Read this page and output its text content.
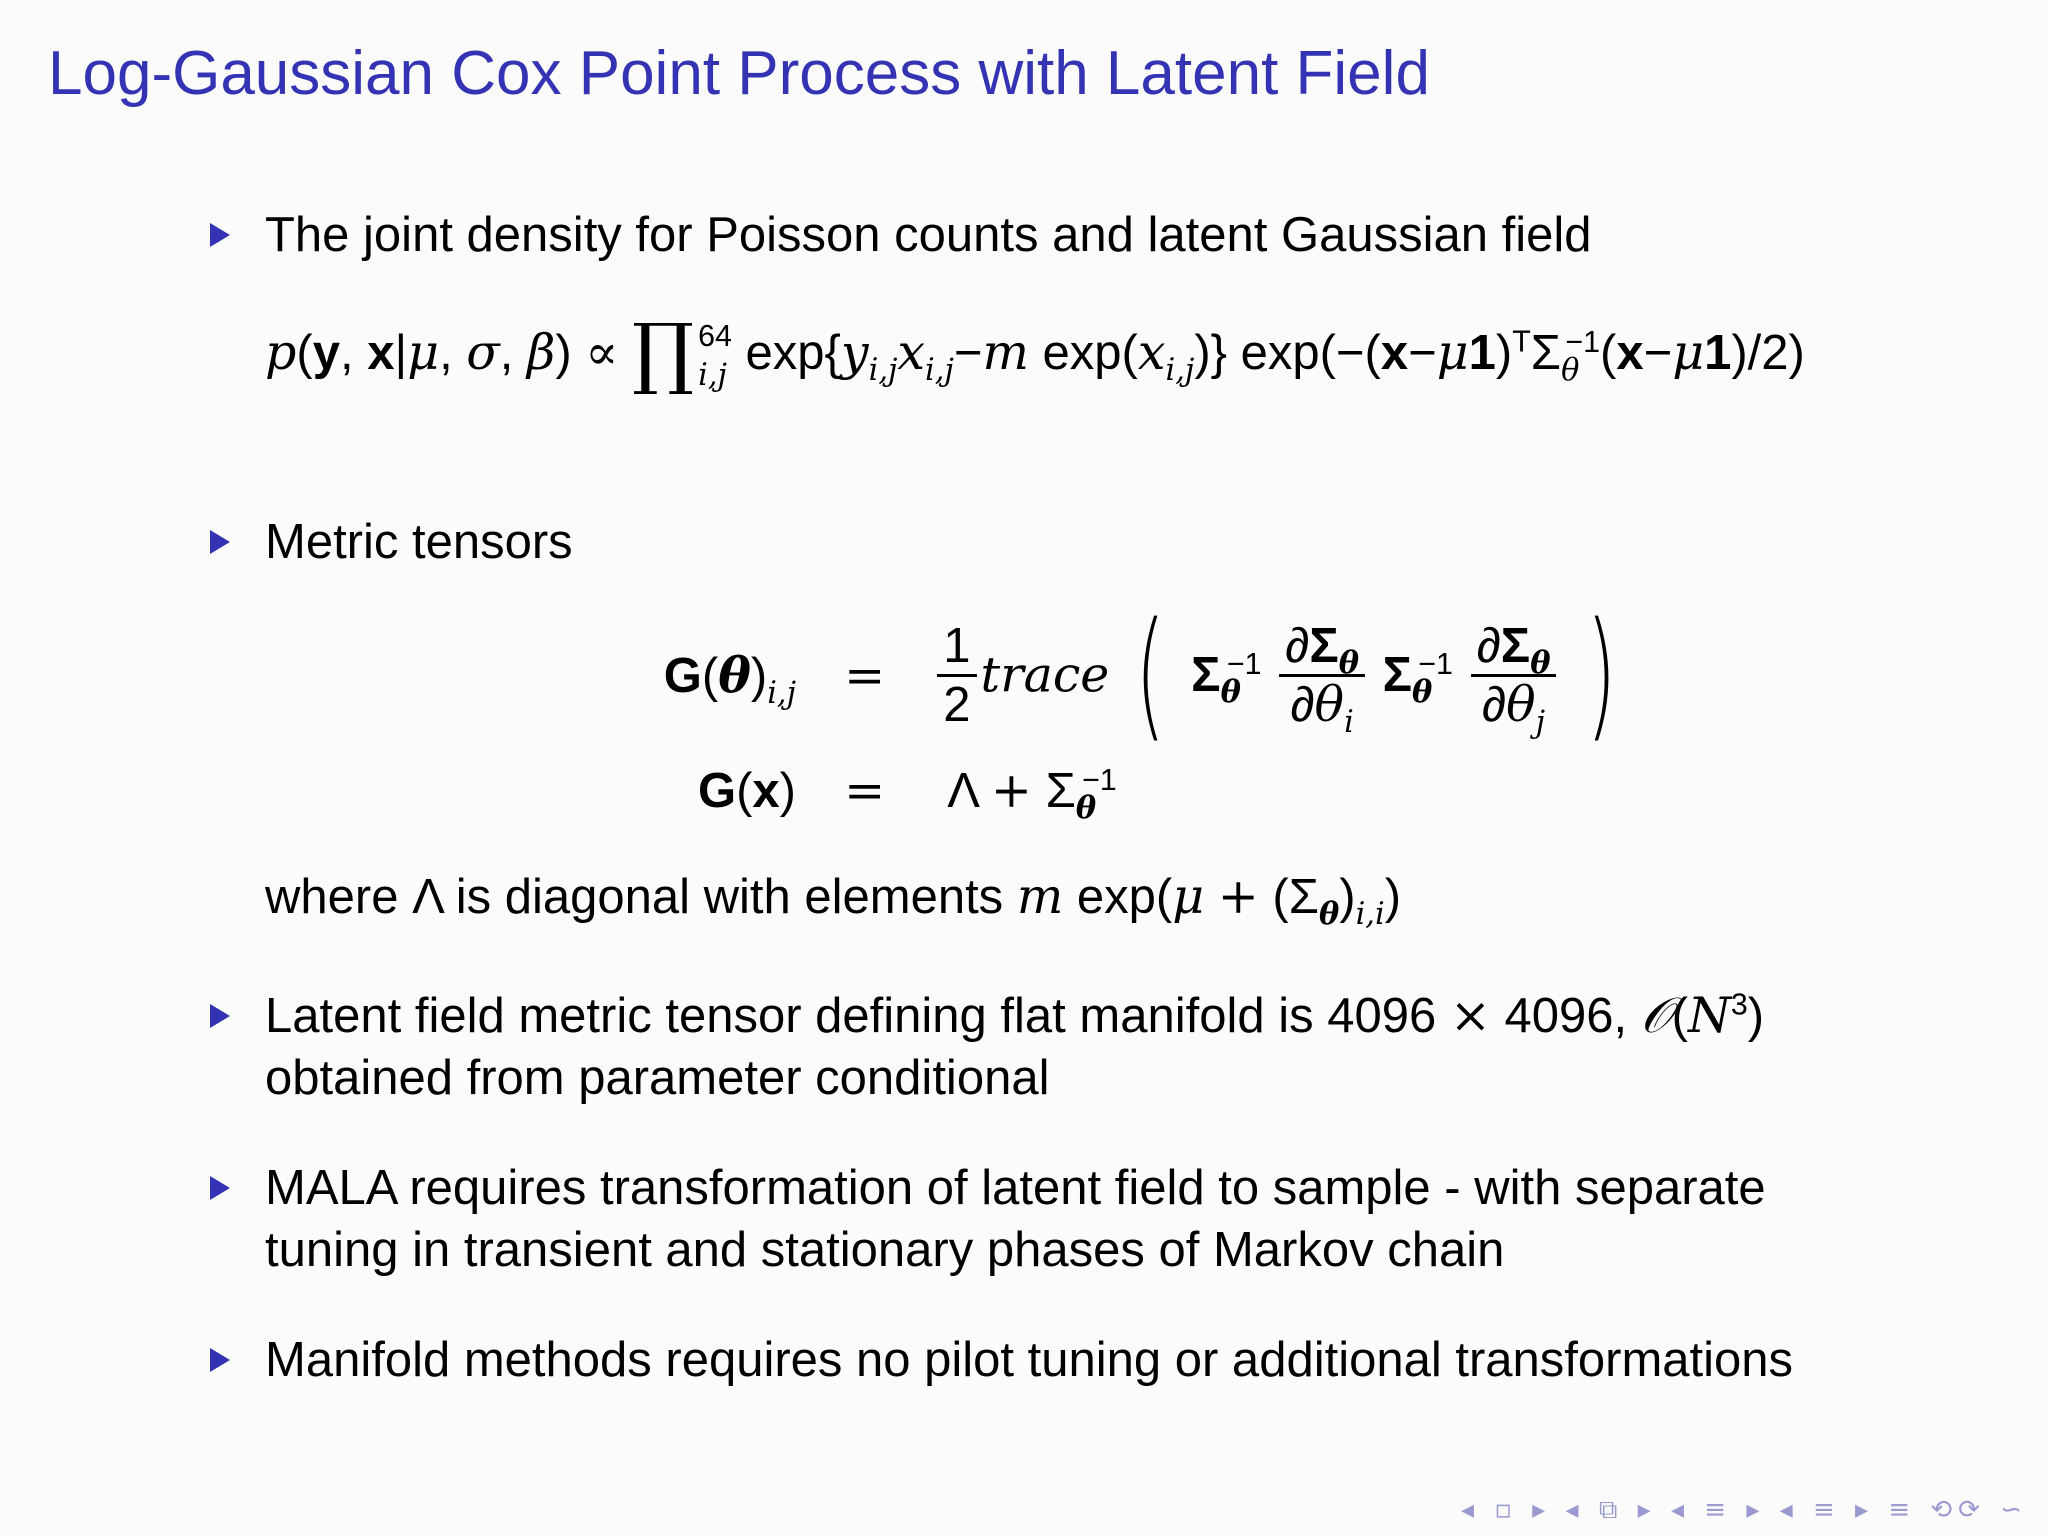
Log-Gaussian Cox Point Process with Latent Field
The joint density for Poisson counts and latent Gaussian field
p(y, x|μ, σ, β) ∝ ∏ 64
i,j $\exp\{y_{i,j}x_{i,j}-m$ $\exp(x_{i,j})$} $\exp(-(x-\mu 1)^T\Sigma_\theta^{-1}(x-\mu 1)/2)$
Metric tensors
$G(\theta)_{i,j} = \frac{1}{2}$ trace ( $\Sigma_\theta^{-1} \frac{\partial\Sigma_\theta}{\partial\theta_i} \Sigma_\theta^{-1} \frac{\partial\Sigma_\theta}{\partial\theta_j}$ )
$G(x) = \Lambda + \Sigma_\theta^{-1}$
where Λ is diagonal with elements m $\exp(\mu + (\Sigma_\theta)_{i,i})$
Latent field metric tensor defining flat manifold is 4096 × 4096, $𝒪(N^3)$
obtained from parameter conditional
MALA requires transformation of latent field to sample - with separate
tuning in transient and stationary phases of Markov chain
Manifold methods requires no pilot tuning or additional transformations
◂ ▫ ▸ ◂ ⧉ ▸ ◂ ≡ ▸ ◂ ≡ ▸ ≡ ⟲⟳ ∽
